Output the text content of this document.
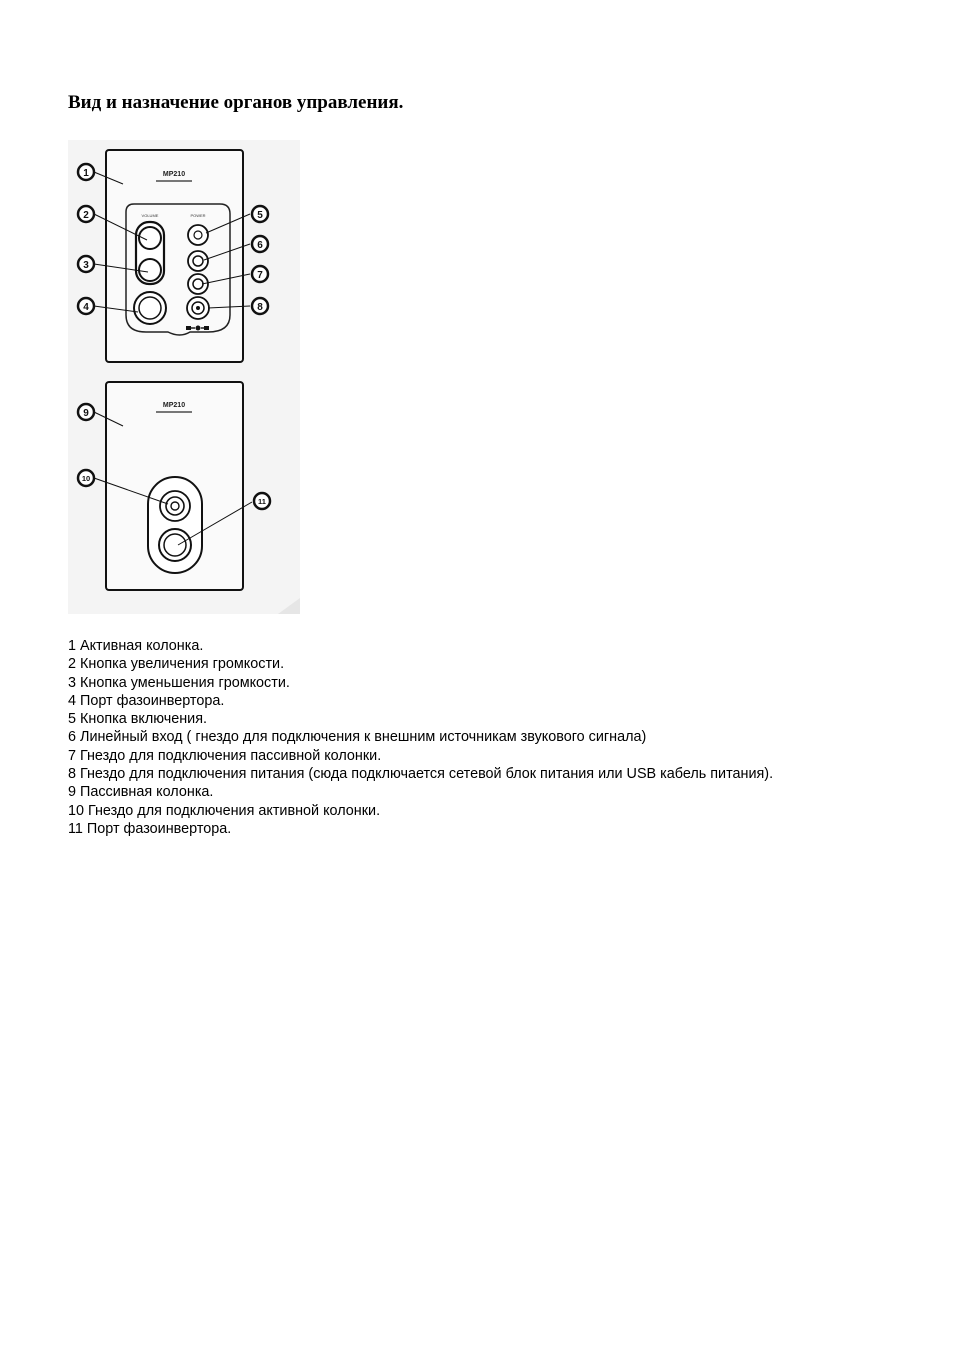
Вид и назначение органов управления.
MP210
VOLUME	POWER
MP210
1
2
3
4
5
6
7
8
9
10
11
1 Активная колонка.
2 Кнопка увеличения громкости.
3 Кнопка уменьшения громкости.
4 Порт фазоинвертора.
5 Кнопка включения.
6 Линейный вход ( гнездо для подключения к внешним источникам звукового сигнала)
7 Гнездо для подключения пассивной колонки.
8 Гнездо для подключения питания (сюда подключается сетевой блок питания или USB кабель питания).
9 Пассивная колонка.
10 Гнездо для подключения активной колонки.
11 Порт фазоинвертора.
